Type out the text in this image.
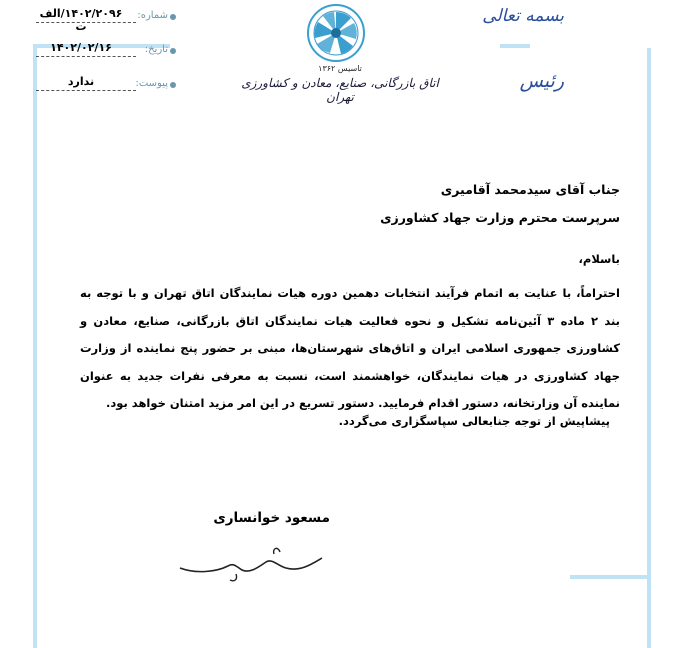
شماره:
۱۴۰۲/۲۰۹۶/الف ت
تاریخ:
۱۴۰۲/۰۲/۱۶
پیوست:
ندارد
تاسیس ۱۳۶۲
اتاق بازرگانی، صنایع، معادن و کشاورزی تهران
بسمه تعالی
رئیس
جناب آقای سیدمحمد آقامیری
سرپرست محترم وزارت جهاد کشاورزی
باسلام،
احتراماً، با عنایت به اتمام فرآیند انتخابات دهمین دوره هیات نمایندگان اتاق تهران و با توجه به بند ۲ ماده ۳ آئین‌نامه تشکیل و نحوه فعالیت هیات نمایندگان اتاق بازرگانی، صنایع، معادن و کشاورزی جمهوری اسلامی ایران و اتاق‌های شهرستان‌ها، مبنی بر حضور پنج نماینده از وزارت جهاد کشاورزی در هیات نمایندگان، خواهشمند است، نسبت به معرفی نفرات جدید به عنوان نماینده آن وزارتخانه، دستور اقدام فرمایید. دستور تسریع در این امر مزید امتنان خواهد بود.
پیشاپیش از توجه جنابعالی سپاسگزاری می‌گردد.
مسعود خوانساری
